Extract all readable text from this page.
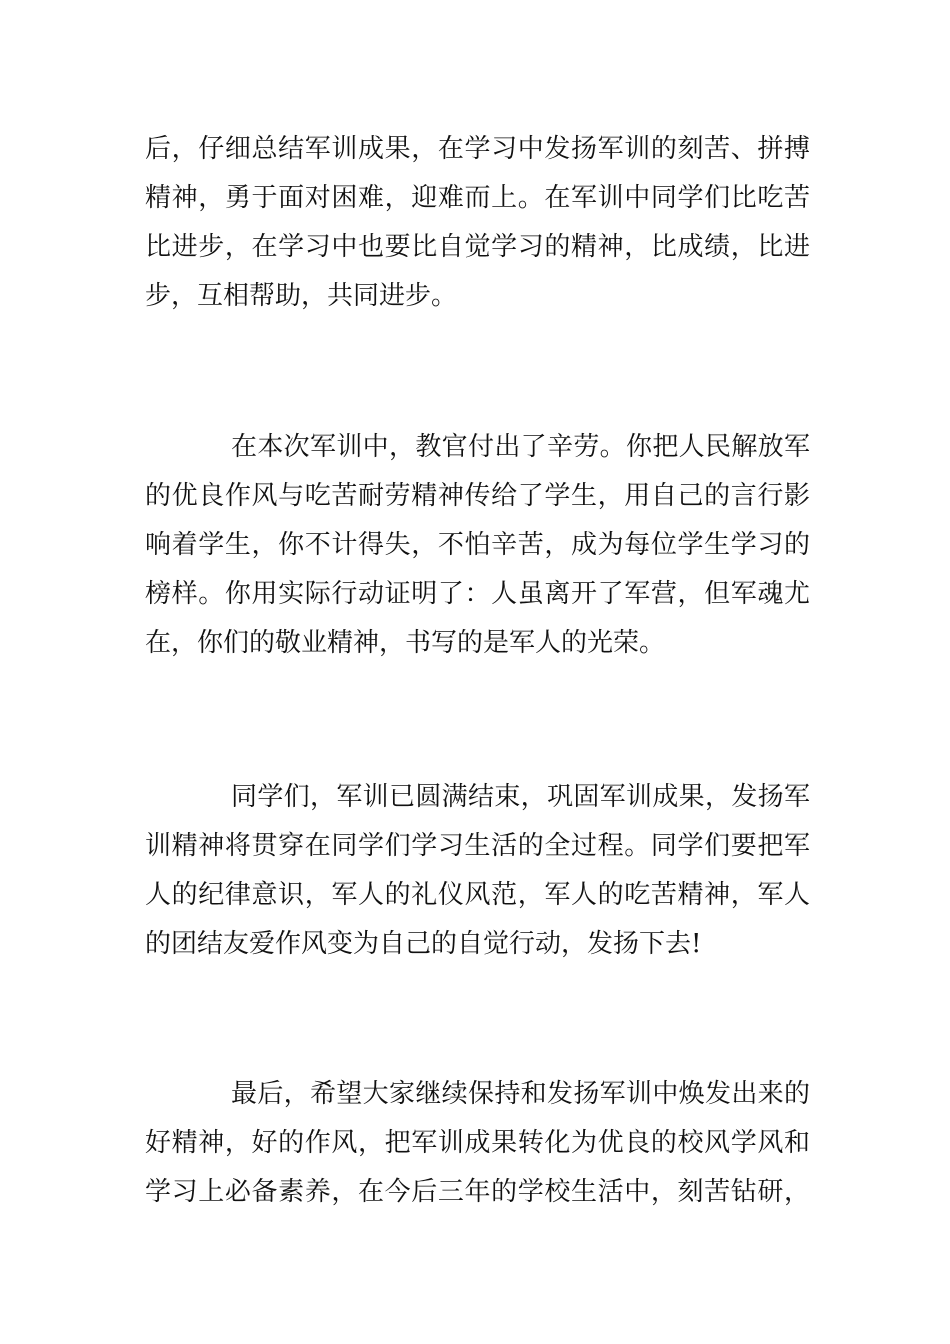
后，仔细总结军训成果，在学习中发扬军训的刻苦、拼搏
精神，勇于面对困难，迎难而上。在军训中同学们比吃苦
比进步，在学习中也要比自觉学习的精神，比成绩，比进
步，互相帮助，共同进步。
在本次军训中，教官付出了辛劳。你把人民解放军
的优良作风与吃苦耐劳精神传给了学生，用自己的言行影
响着学生，你不计得失，不怕辛苦，成为每位学生学习的
榜样。你用实际行动证明了：人虽离开了军营，但军魂尤
在，你们的敬业精神，书写的是军人的光荣。
同学们，军训已圆满结束，巩固军训成果，发扬军
训精神将贯穿在同学们学习生活的全过程。同学们要把军
人的纪律意识，军人的礼仪风范，军人的吃苦精神，军人
的团结友爱作风变为自己的自觉行动，发扬下去!
最后，希望大家继续保持和发扬军训中焕发出来的
好精神，好的作风，把军训成果转化为优良的校风学风和
学习上必备素养，在今后三年的学校生活中，刻苦钻研，
